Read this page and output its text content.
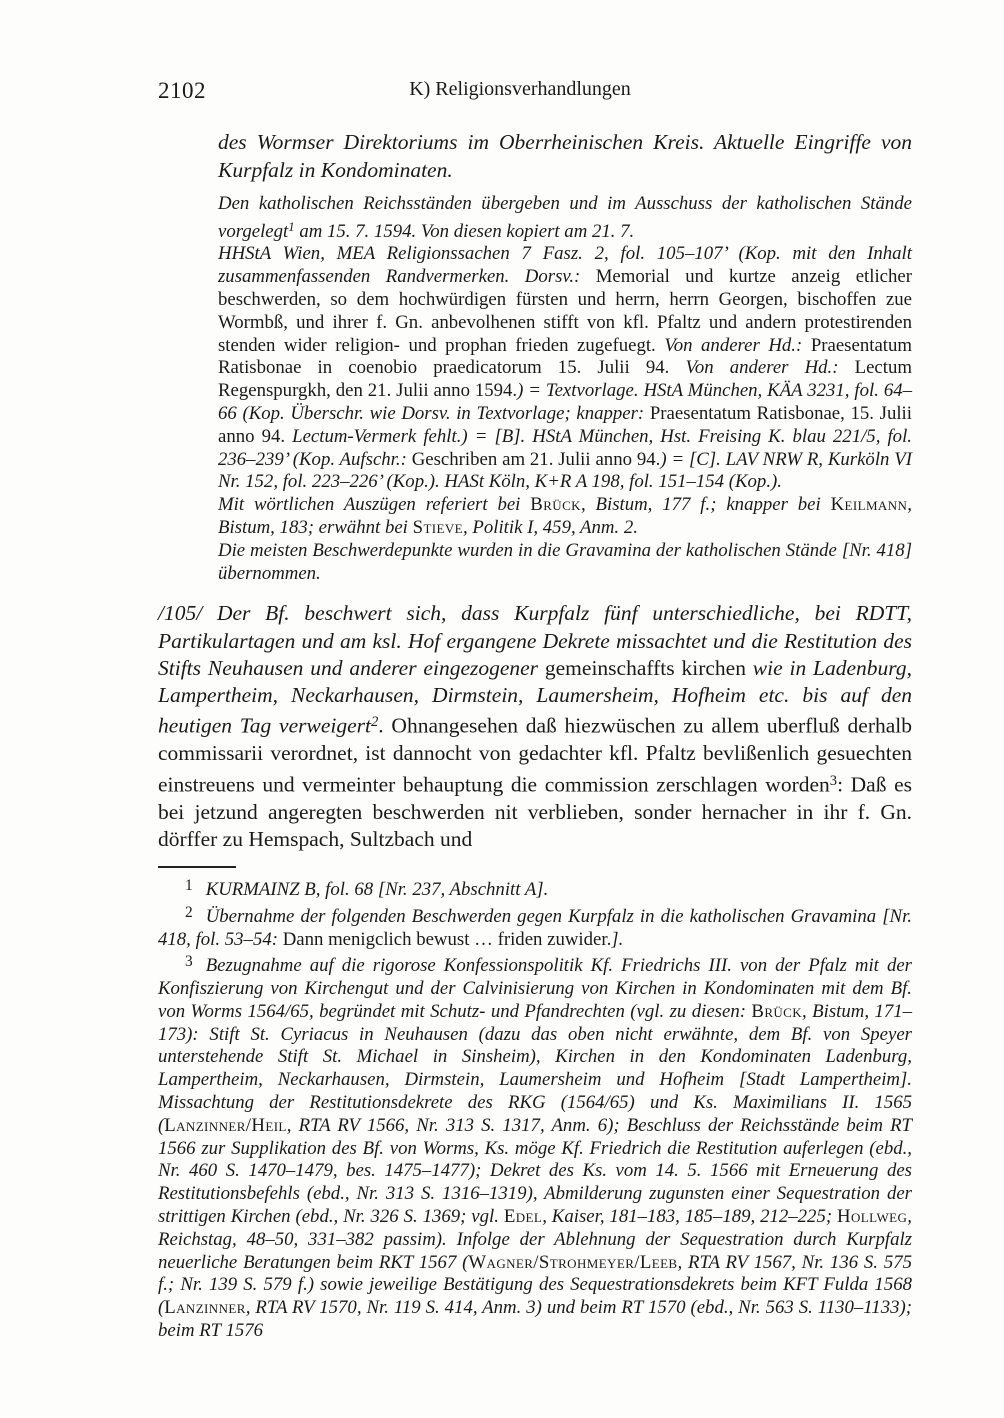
2102	K) Religionsverhandlungen
des Wormser Direktoriums im Oberrheinischen Kreis. Aktuelle Eingriffe von Kurpfalz in Kondominaten.

Den katholischen Reichsständen übergeben und im Ausschuss der katholischen Stände vorgelegt$^1$ am 15. 7. 1594. Von diesen kopiert am 21. 7.

HHStA Wien, MEA Religionssachen 7 Fasz. 2, fol. 105–107’ (Kop. mit den Inhalt zusammenfassenden Randvermerken. Dorsv.: Memorial und kurtze anzeig etlicher beschwerden, so dem hochwürdigen fürsten und herrn, herrn Georgen, bischoffen zue Wormbß, und ihrer f. Gn. anbevolhenen stifft von kfl. Pfaltz und andern protestirenden stenden wider religion- und prophan frieden zugefuegt. Von anderer Hd.: Praesentatum Ratisbonae in coenobio praedicatorum 15. Julii 94. Von anderer Hd.: Lectum Regenspurgkh, den 21. Julii anno 1594.) = Textvorlage. HStA München, KÄA 3231, fol. 64–66 (Kop. Überschr. wie Dorsv. in Textvorlage; knapper: Praesentatum Ratisbonae, 15. Julii anno 94. Lectum-Vermerk fehlt.) = [B]. HStA München, Hst. Freising K. blau 221/5, fol. 236–239’ (Kop. Aufschr.: Geschriben am 21. Julii anno 94.) = [C]. LAV NRW R, Kurköln VI Nr. 152, fol. 223–226’ (Kop.). HASt Köln, K+R A 198, fol. 151–154 (Kop.).

Mit wörtlichen Auszügen referiert bei Brück, Bistum, 177 f.; knapper bei Keilmann, Bistum, 183; erwähnt bei Stieve, Politik I, 459, Anm. 2.

Die meisten Beschwerdepunkte wurden in die Gravamina der katholischen Stände [Nr. 418] übernommen.

/105/ Der Bf. beschwert sich, dass Kurpfalz fünf unterschiedliche, bei RDTT, Partikulartagen und am ksl. Hof ergangene Dekrete missachtet und die Restitution des Stifts Neuhausen und anderer eingezogener gemeinschaffts kirchen wie in Ladenburg, Lampertheim, Neckarhausen, Dirmstein, Laumersheim, Hofheim etc. bis auf den heutigen Tag verweigert$^2$. Ohnangesehen daß hiezwüschen zu allem uberfluß derhalb commissarii verordnet, ist dannocht von gedachter kfl. Pfaltz bevlißenlich gesuechten einstreuens und vermeinter behauptung die commission zerschlagen worden$^3$: Daß es bei jetzund angeregten beschwerden nit verblieben, sonder hernacher in ihr f. Gn. dörffer zu Hemspach, Sultzbach und

$^1$ KURMAINZ B, fol. 68 [Nr. 237, Abschnitt A].

$^2$ Übernahme der folgenden Beschwerden gegen Kurpfalz in die katholischen Gravamina [Nr. 418, fol. 53–54: Dann menigclich bewust … friden zuwider.].

$^3$ Bezugnahme auf die rigorose Konfessionspolitik Kf. Friedrichs III. von der Pfalz mit der Konfiszierung von Kirchengut und der Calvinisierung von Kirchen in Kondominaten mit dem Bf. von Worms 1564/65, begründet mit Schutz- und Pfandrechten (vgl. zu diesen: Brück, Bistum, 171–173): Stift St. Cyriacus in Neuhausen (dazu das oben nicht erwähnte, dem Bf. von Speyer unterstehende Stift St. Michael in Sinsheim), Kirchen in den Kondominaten Ladenburg, Lampertheim, Neckarhausen, Dirmstein, Laumersheim und Hofheim [Stadt Lampertheim]. Missachtung der Restitutionsdekrete des RKG (1564/65) und Ks. Maximilians II. 1565 (Lanzinner/Heil, RTA RV 1566, Nr. 313 S. 1317, Anm. 6); Beschluss der Reichsstände beim RT 1566 zur Supplikation des Bf. von Worms, Ks. möge Kf. Friedrich die Restitution auferlegen (ebd., Nr. 460 S. 1470–1479, bes. 1475–1477); Dekret des Ks. vom 14. 5. 1566 mit Erneuerung des Restitutionsbefehls (ebd., Nr. 313 S. 1316–1319), Abmilderung zugunsten einer Sequestration der strittigen Kirchen (ebd., Nr. 326 S. 1369; vgl. Edel, Kaiser, 181–183, 185–189, 212–225; Hollweg, Reichstag, 48–50, 331–382 passim). Infolge der Ablehnung der Sequestration durch Kurpfalz neuerliche Beratungen beim RKT 1567 (Wagner/Strohmeyer/Leeb, RTA RV 1567, Nr. 136 S. 575 f.; Nr. 139 S. 579 f.) sowie jeweilige Bestätigung des Sequestrationsdekrets beim KFT Fulda 1568 (Lanzinner, RTA RV 1570, Nr. 119 S. 414, Anm. 3) und beim RT 1570 (ebd., Nr. 563 S. 1130–1133); beim RT 1576
